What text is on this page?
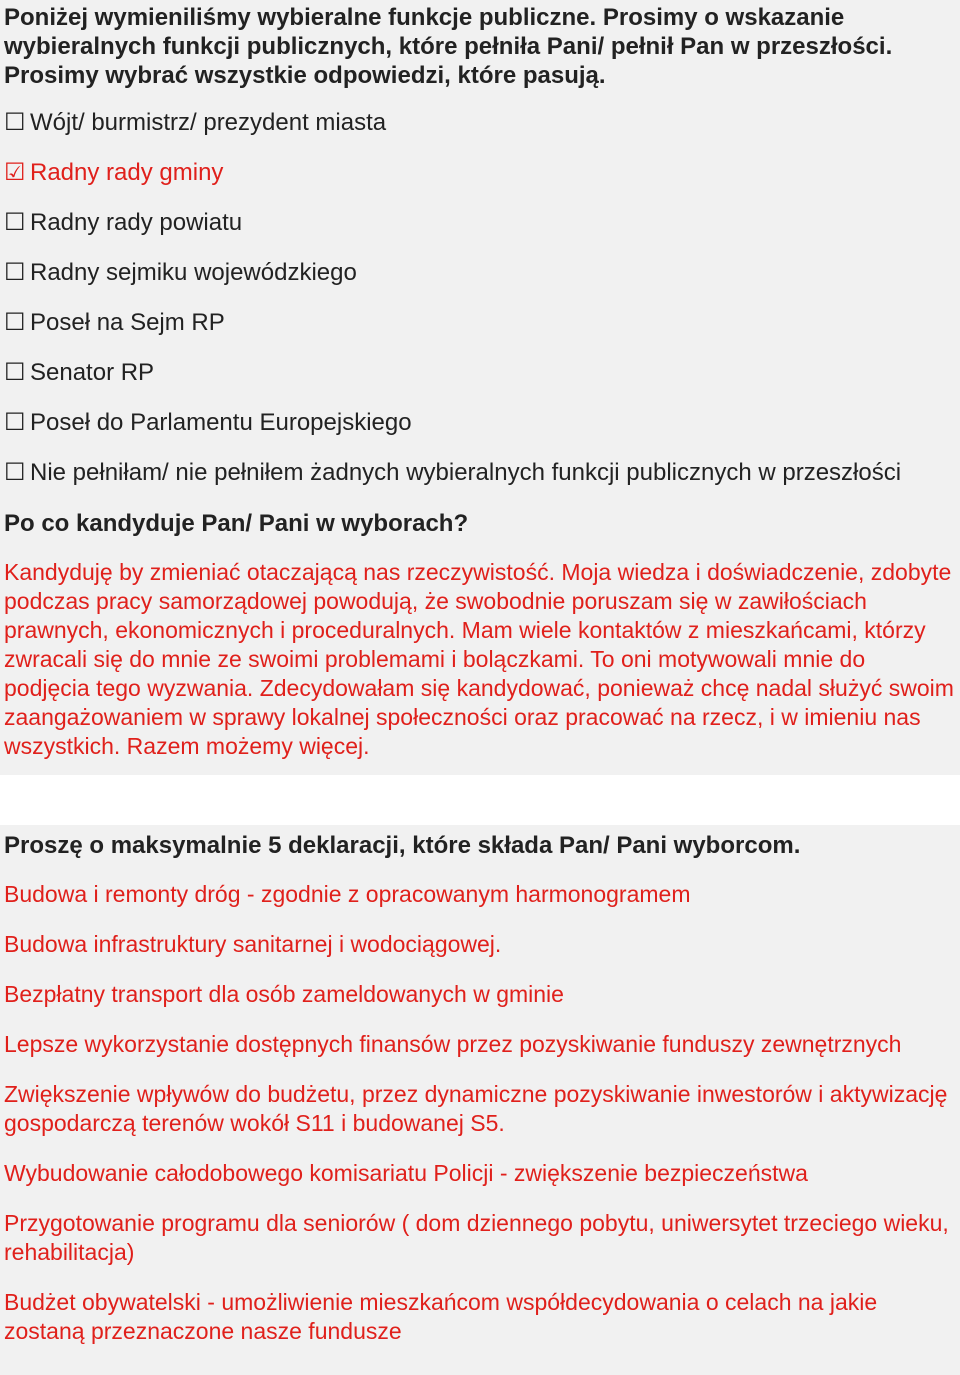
Poniżej wymieniliśmy wybieralne funkcje publiczne. Prosimy o wskazanie wybieralnych funkcji publicznych, które pełniła Pani/ pełnił Pan w przeszłości. Prosimy wybrać wszystkie odpowiedzi, które pasują.

☐ Wójt/ burmistrz/ prezydent miasta
☑ Radny rady gminy
☐ Radny rady powiatu
☐ Radny sejmiku wojewódzkiego
☐ Poseł na Sejm RP
☐ Senator RP
☐ Poseł do Parlamentu Europejskiego
☐ Nie pełniłam/ nie pełniłem żadnych wybieralnych funkcji publicznych w przeszłości
Po co kandyduje Pan/ Pani w wyborach?
Kandyduję by zmieniać otaczającą nas rzeczywistość. Moja wiedza i doświadczenie, zdobyte podczas pracy samorządowej powodują, że swobodnie poruszam się w zawiłościach prawnych, ekonomicznych i proceduralnych. Mam wiele kontaktów z mieszkańcami, którzy zwracali się do mnie ze swoimi problemami i bolączkami. To oni motywowali mnie do podjęcia tego wyzwania. Zdecydowałam się kandydować, ponieważ chcę nadal służyć swoim zaangażowaniem w sprawy lokalnej społeczności oraz pracować na rzecz, i w imieniu nas wszystkich. Razem możemy więcej.
Proszę o maksymalnie 5 deklaracji, które składa Pan/ Pani wyborcom.
Budowa i remonty dróg - zgodnie z opracowanym harmonogramem
Budowa infrastruktury sanitarnej i wodociągowej.
Bezpłatny transport dla osób zameldowanych w gminie
Lepsze wykorzystanie dostępnych finansów przez pozyskiwanie funduszy zewnętrznych
Zwiększenie wpływów do budżetu, przez dynamiczne pozyskiwanie inwestorów i aktywizację gospodarczą terenów wokół S11 i budowanej S5.
Wybudowanie całodobowego komisariatu Policji - zwiększenie bezpieczeństwa
Przygotowanie programu dla seniorów ( dom dziennego pobytu, uniwersytet trzeciego wieku, rehabilitacja)
Budżet obywatelski - umożliwienie mieszkańcom współdecydowania o celach na jakie zostaną przeznaczone nasze fundusze
